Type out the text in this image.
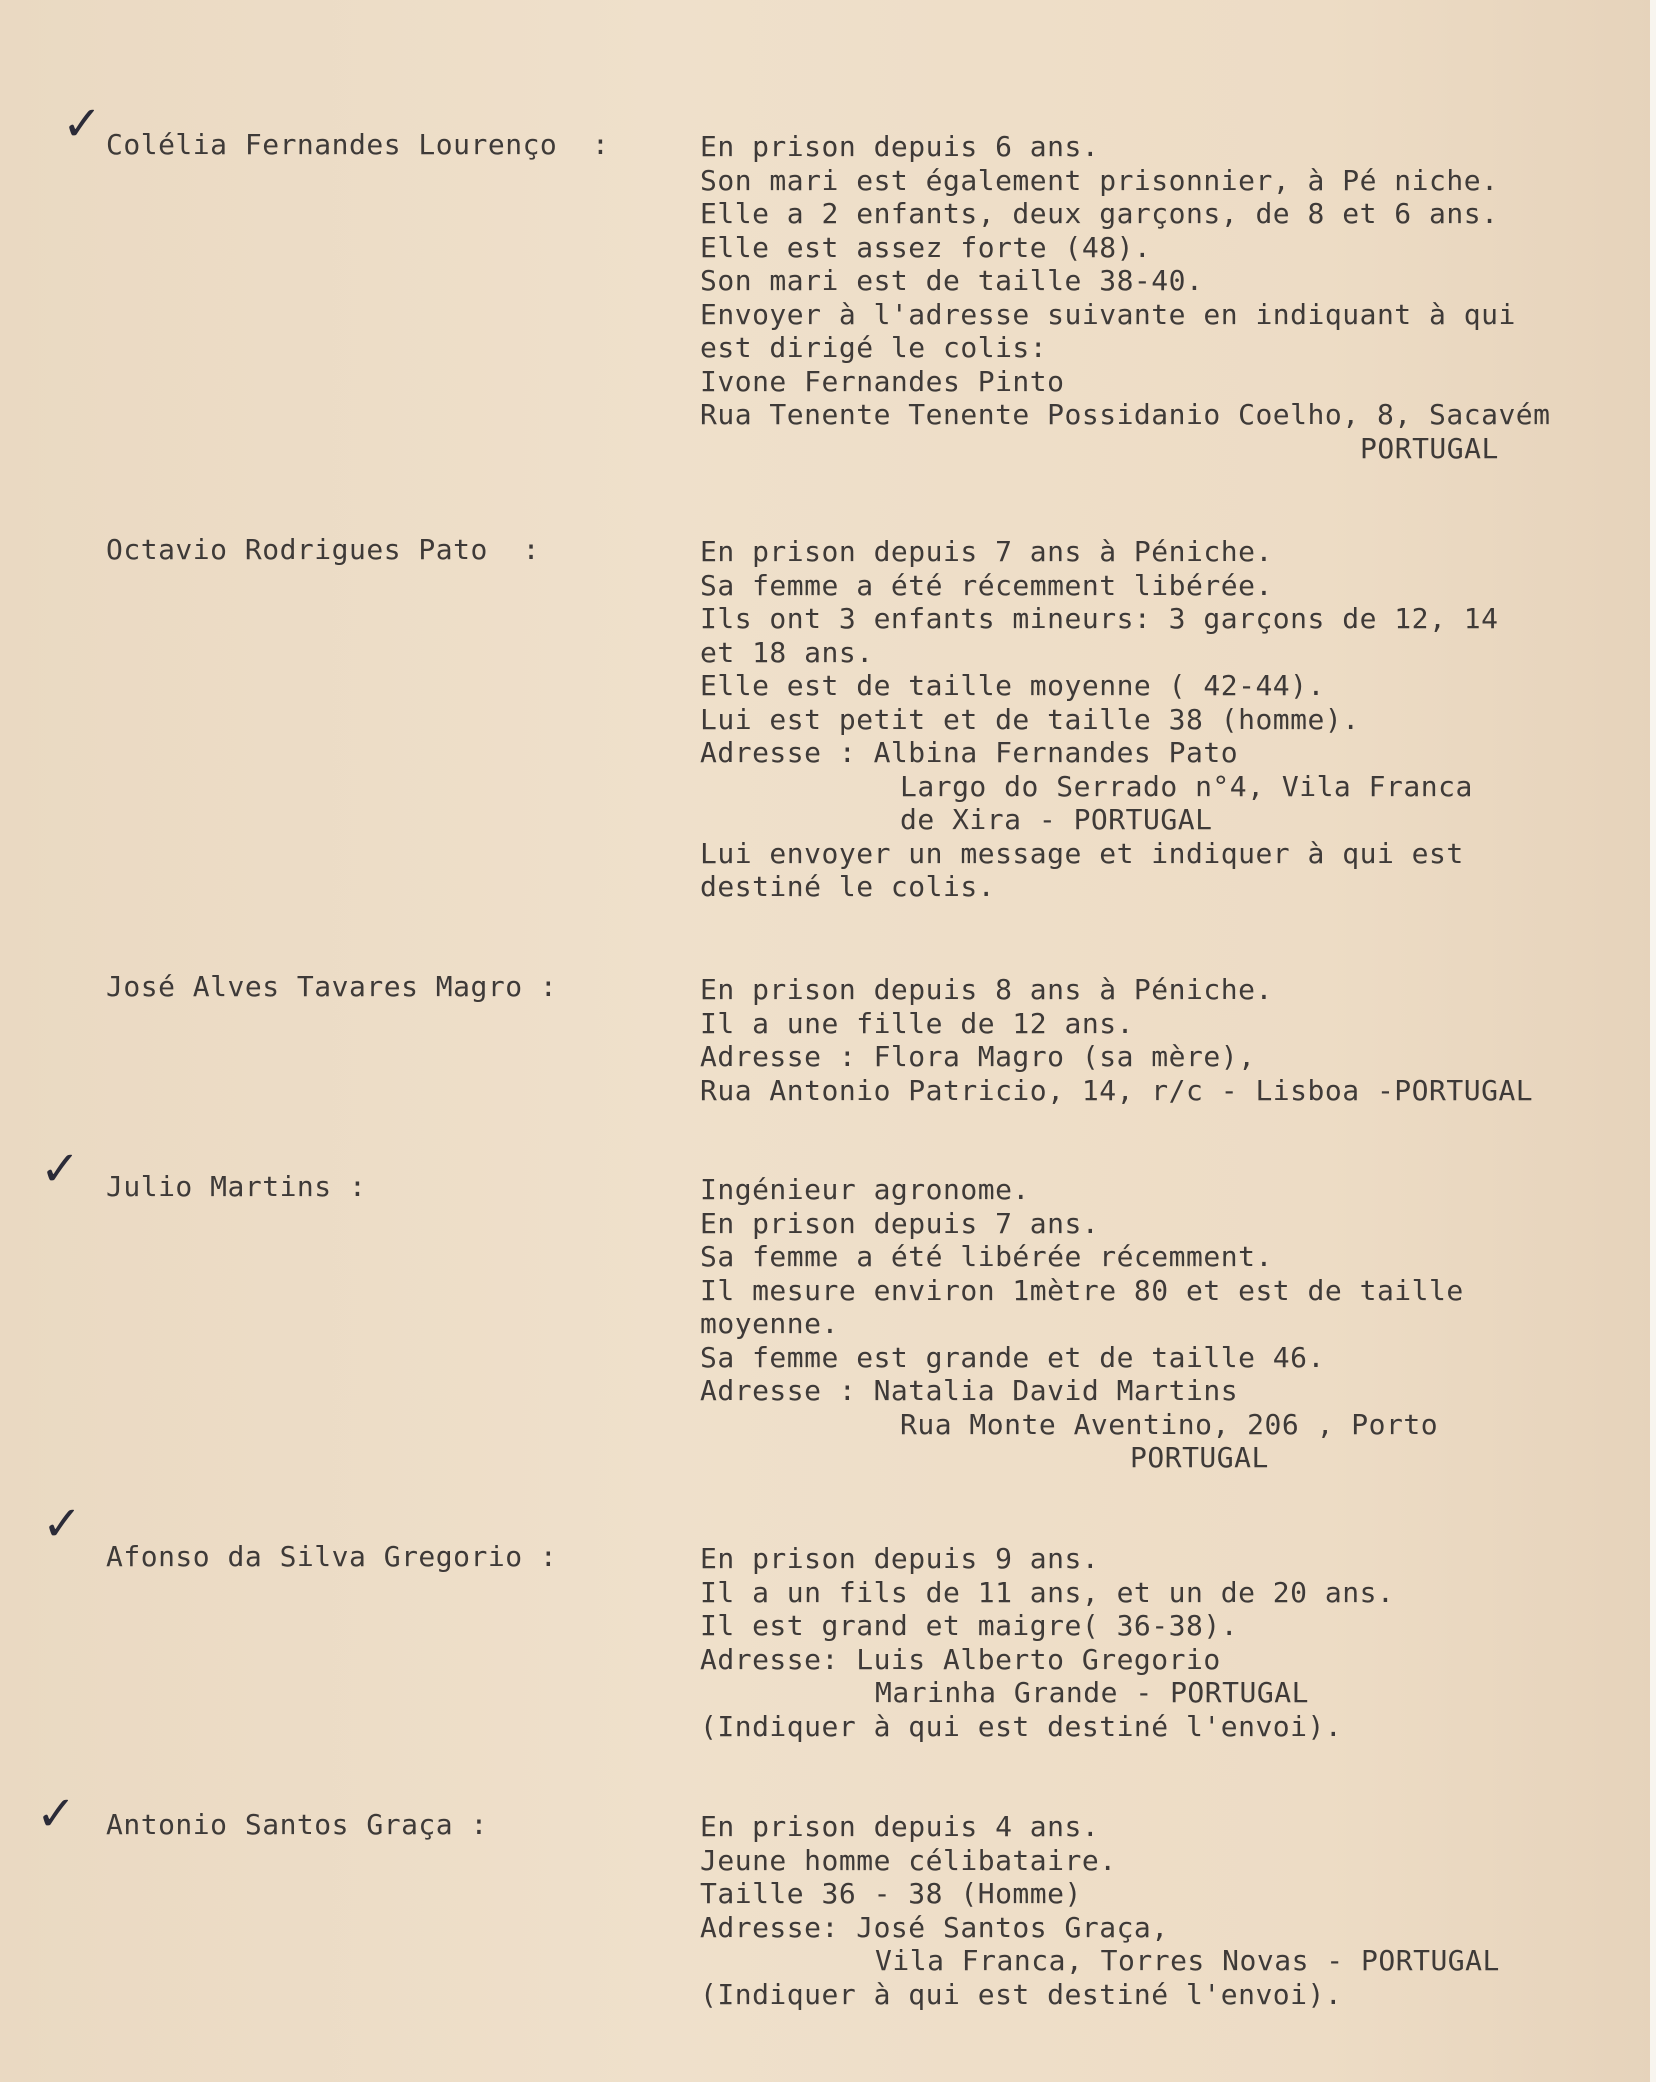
✓ Colélia Fernandes Lourenço  :	En prison depuis 6 ans.
Son mari est également prisonnier, à Pé niche.
Elle a 2 enfants, deux garçons, de 8 et 6 ans.
Elle est assez forte (48).
Son mari est de taille 38-40.
Envoyer à l'adresse suivante en indiquant à qui
est dirigé le colis:
Ivone Fernandes Pinto
Rua Tenente Tenente Possidanio Coelho, 8, Sacavém
PORTUGAL
Octavio Rodrigues Pato  :	En prison depuis 7 ans à Péniche.
Sa femme a été récemment libérée.
Ils ont 3 enfants mineurs: 3 garçons de 12, 14
et 18 ans.
Elle est de taille moyenne ( 42-44).
Lui est petit et de taille 38 (homme).
Adresse : Albina Fernandes Pato
Largo do Serrado n°4, Vila Franca
de Xira - PORTUGAL
Lui envoyer un message et indiquer à qui est
destiné le colis.
José Alves Tavares Magro :	En prison depuis 8 ans à Péniche.
Il a une fille de 12 ans.
Adresse : Flora Magro (sa mère),
Rua Antonio Patricio, 14, r/c - Lisboa -PORTUGAL
✓ Julio Martins :	Ingénieur agronome.
En prison depuis 7 ans.
Sa femme a été libérée récemment.
Il mesure environ 1mètre 80 et est de taille
moyenne.
Sa femme est grande et de taille 46.
Adresse : Natalia David Martins
Rua Monte Aventino, 206 , Porto
PORTUGAL
✓
Afonso da Silva Gregorio :	En prison depuis 9 ans.
Il a un fils de 11 ans, et un de 20 ans.
Il est grand et maigre( 36-38).
Adresse: Luis Alberto Gregorio
Marinha Grande - PORTUGAL
(Indiquer à qui est destiné l'envoi).
✓ Antonio Santos Graça :	En prison depuis 4 ans.
Jeune homme célibataire.
Taille 36 - 38 (Homme)
Adresse: José Santos Graça,
Vila Franca, Torres Novas - PORTUGAL
(Indiquer à qui est destiné l'envoi).
